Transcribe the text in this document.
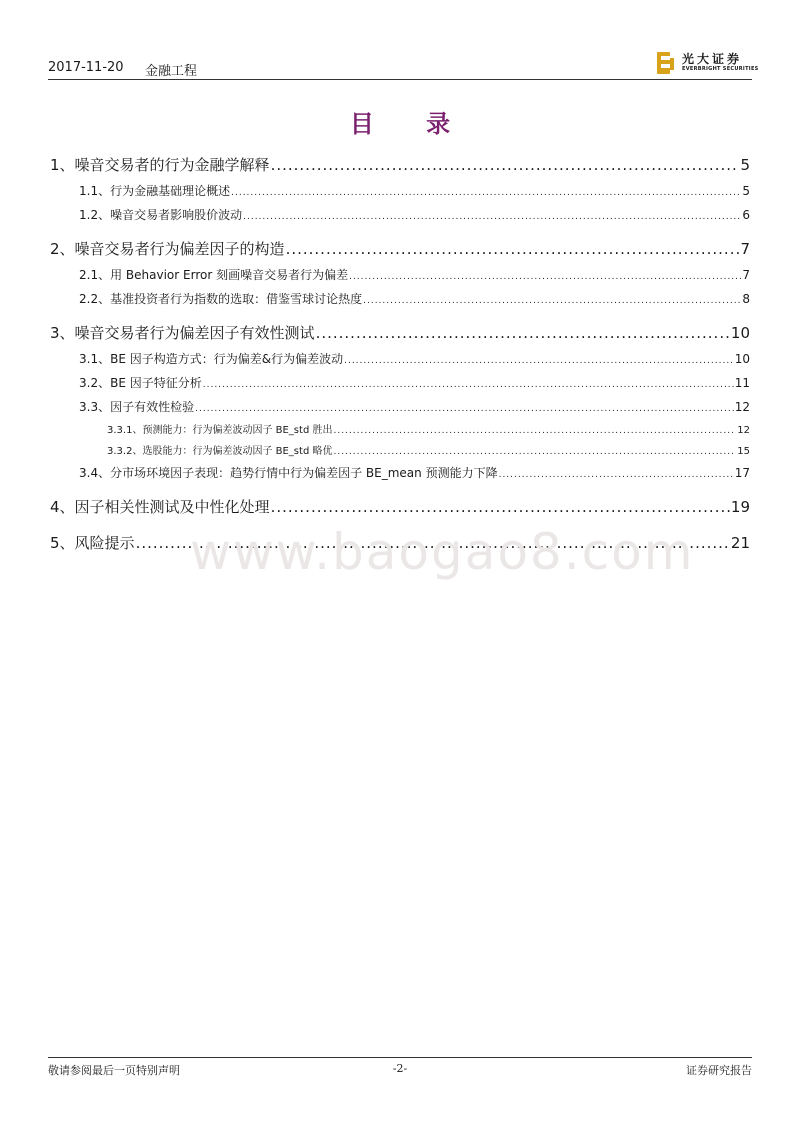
2017-11-20 金融工程
光大证券
EVERBRIGHT SECURITIES
目 录
1、 噪音交易者的行为金融学解释 .....	5
1.1、 行为金融基础理论概述 .....	5
1.2、 噪音交易者影响股价波动 .....	6
2、 噪音交易者行为偏差因子的构造 .....	7
2.1、 用 Behavior Error 刻画噪音交易者行为偏差 .....	7
2.2、 基准投资者行为指数的选取：借鉴雪球讨论热度 .....	8
3、 噪音交易者行为偏差因子有效性测试 .....	10
3.1、 BE 因子构造方式：行为偏差&行为偏差波动 .....	10
3.2、 BE 因子特征分析 .....	11
3.3、 因子有效性检验 .....	12
3.3.1、 预测能力：行为偏差波动因子 BE_std 胜出 .....	12
3.3.2、 选股能力：行为偏差波动因子 BE_std 略优 .....	15
3.4、 分市场环境因子表现：趋势行情中行为偏差因子 BE_mean 预测能力下降 .....	17
4、 因子相关性测试及中性化处理 .....	19
5、 风险提示 .....	21
www.baogao8.com
敬请参阅最后一页特别声明	-2-	证券研究报告
